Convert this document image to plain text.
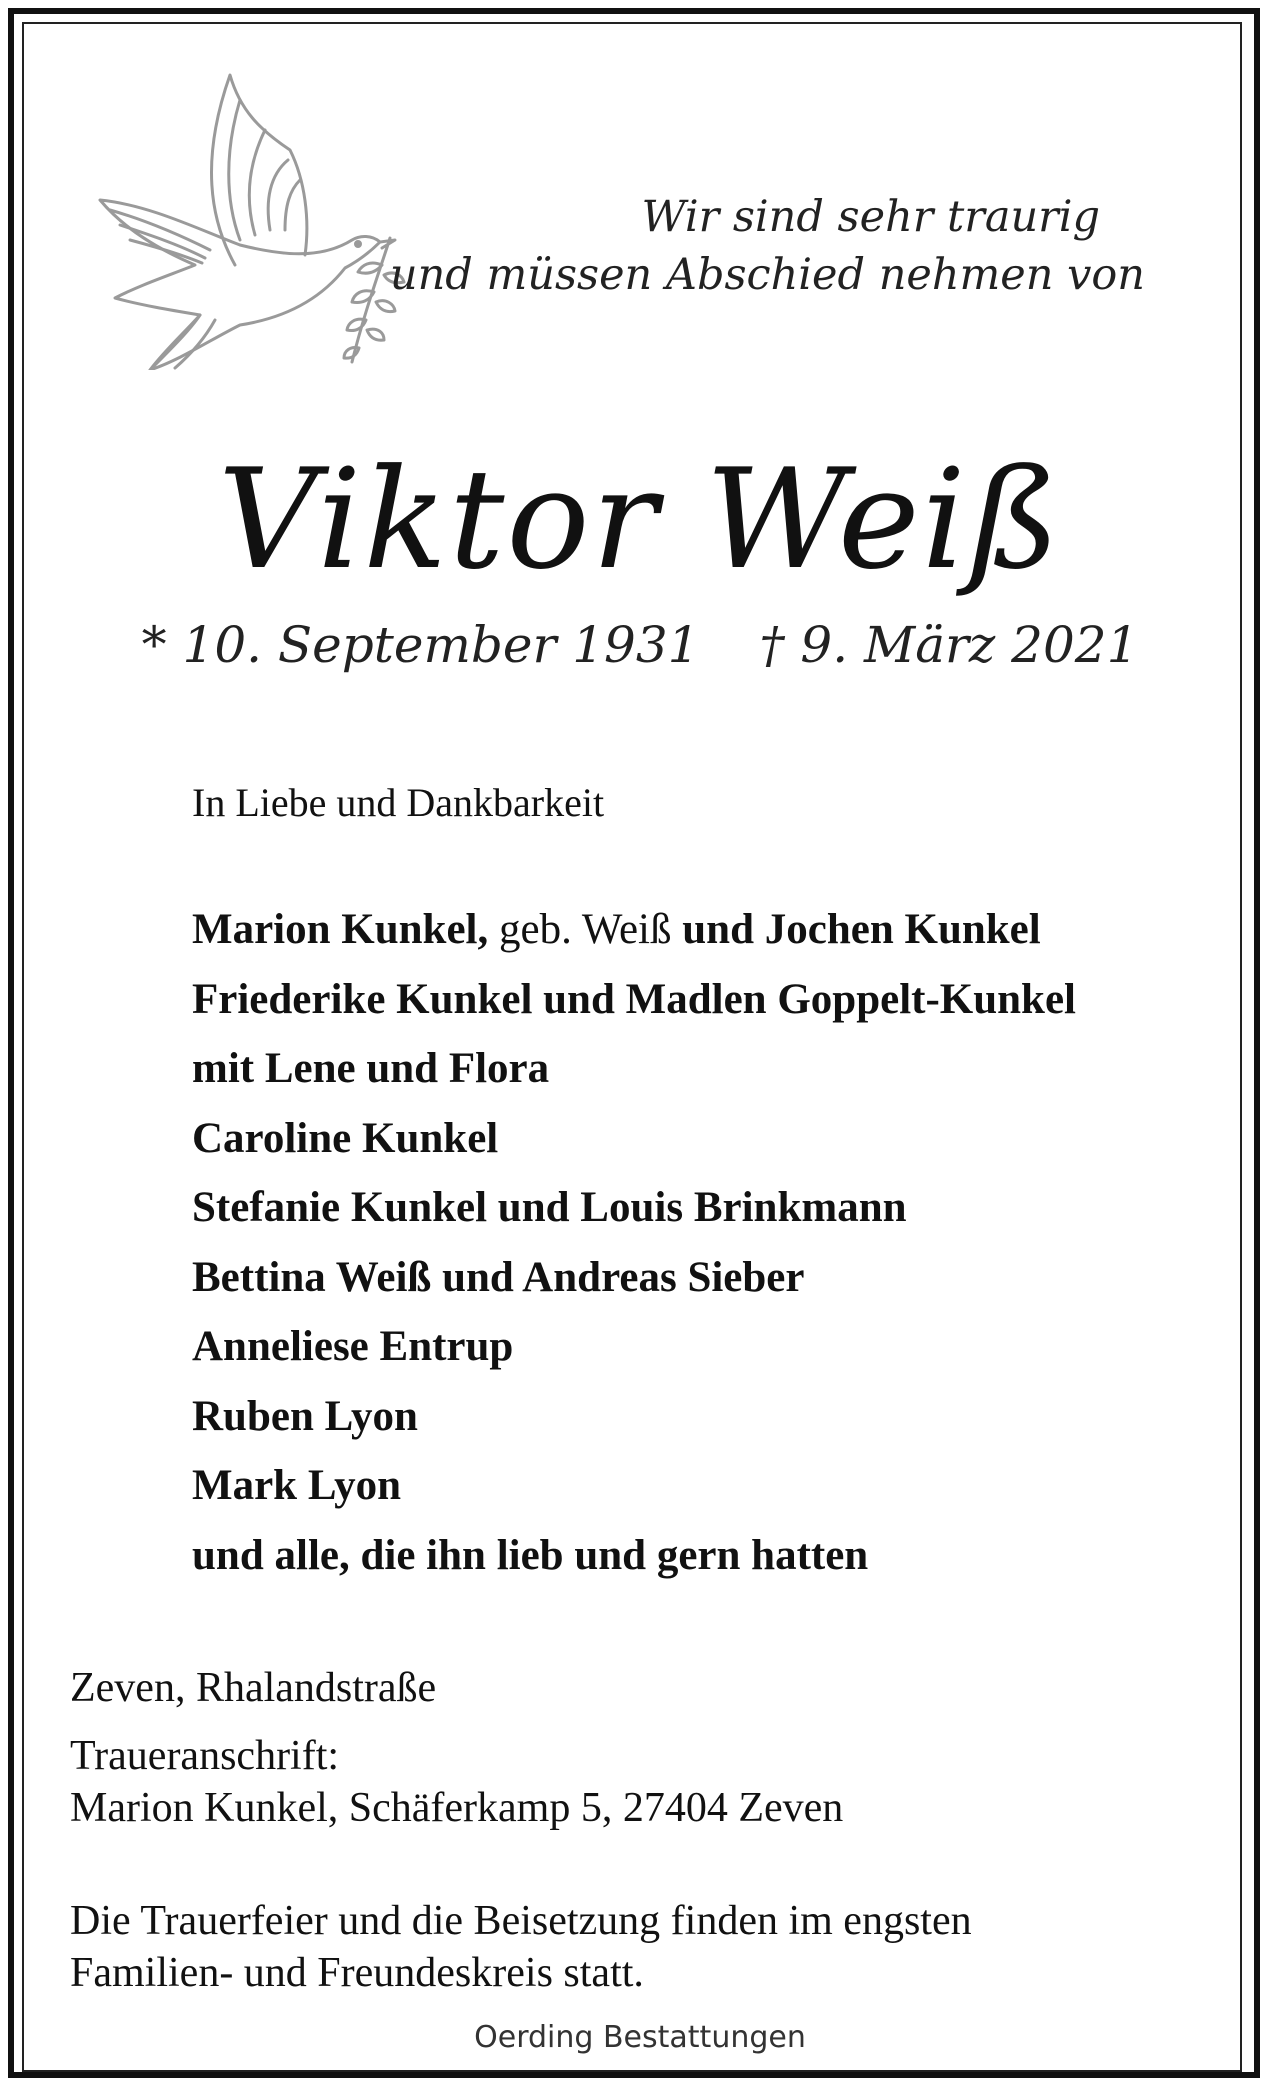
Wir sind sehr traurig
und müssen Abschied nehmen von
Viktor Weiß
* 10. September 1931 † 9. März 2021
In Liebe und Dankbarkeit
Marion Kunkel, geb. Weiß und Jochen Kunkel
Friederike Kunkel und Madlen Goppelt-Kunkel
mit Lene und Flora
Caroline Kunkel
Stefanie Kunkel und Louis Brinkmann
Bettina Weiß und Andreas Sieber
Anneliese Entrup
Ruben Lyon
Mark Lyon
und alle, die ihn lieb und gern hatten
Zeven, Rhalandstraße
Traueranschrift:
Marion Kunkel, Schäferkamp 5, 27404 Zeven
Die Trauerfeier und die Beisetzung finden im engsten
Familien- und Freundeskreis statt.
Oerding Bestattungen
